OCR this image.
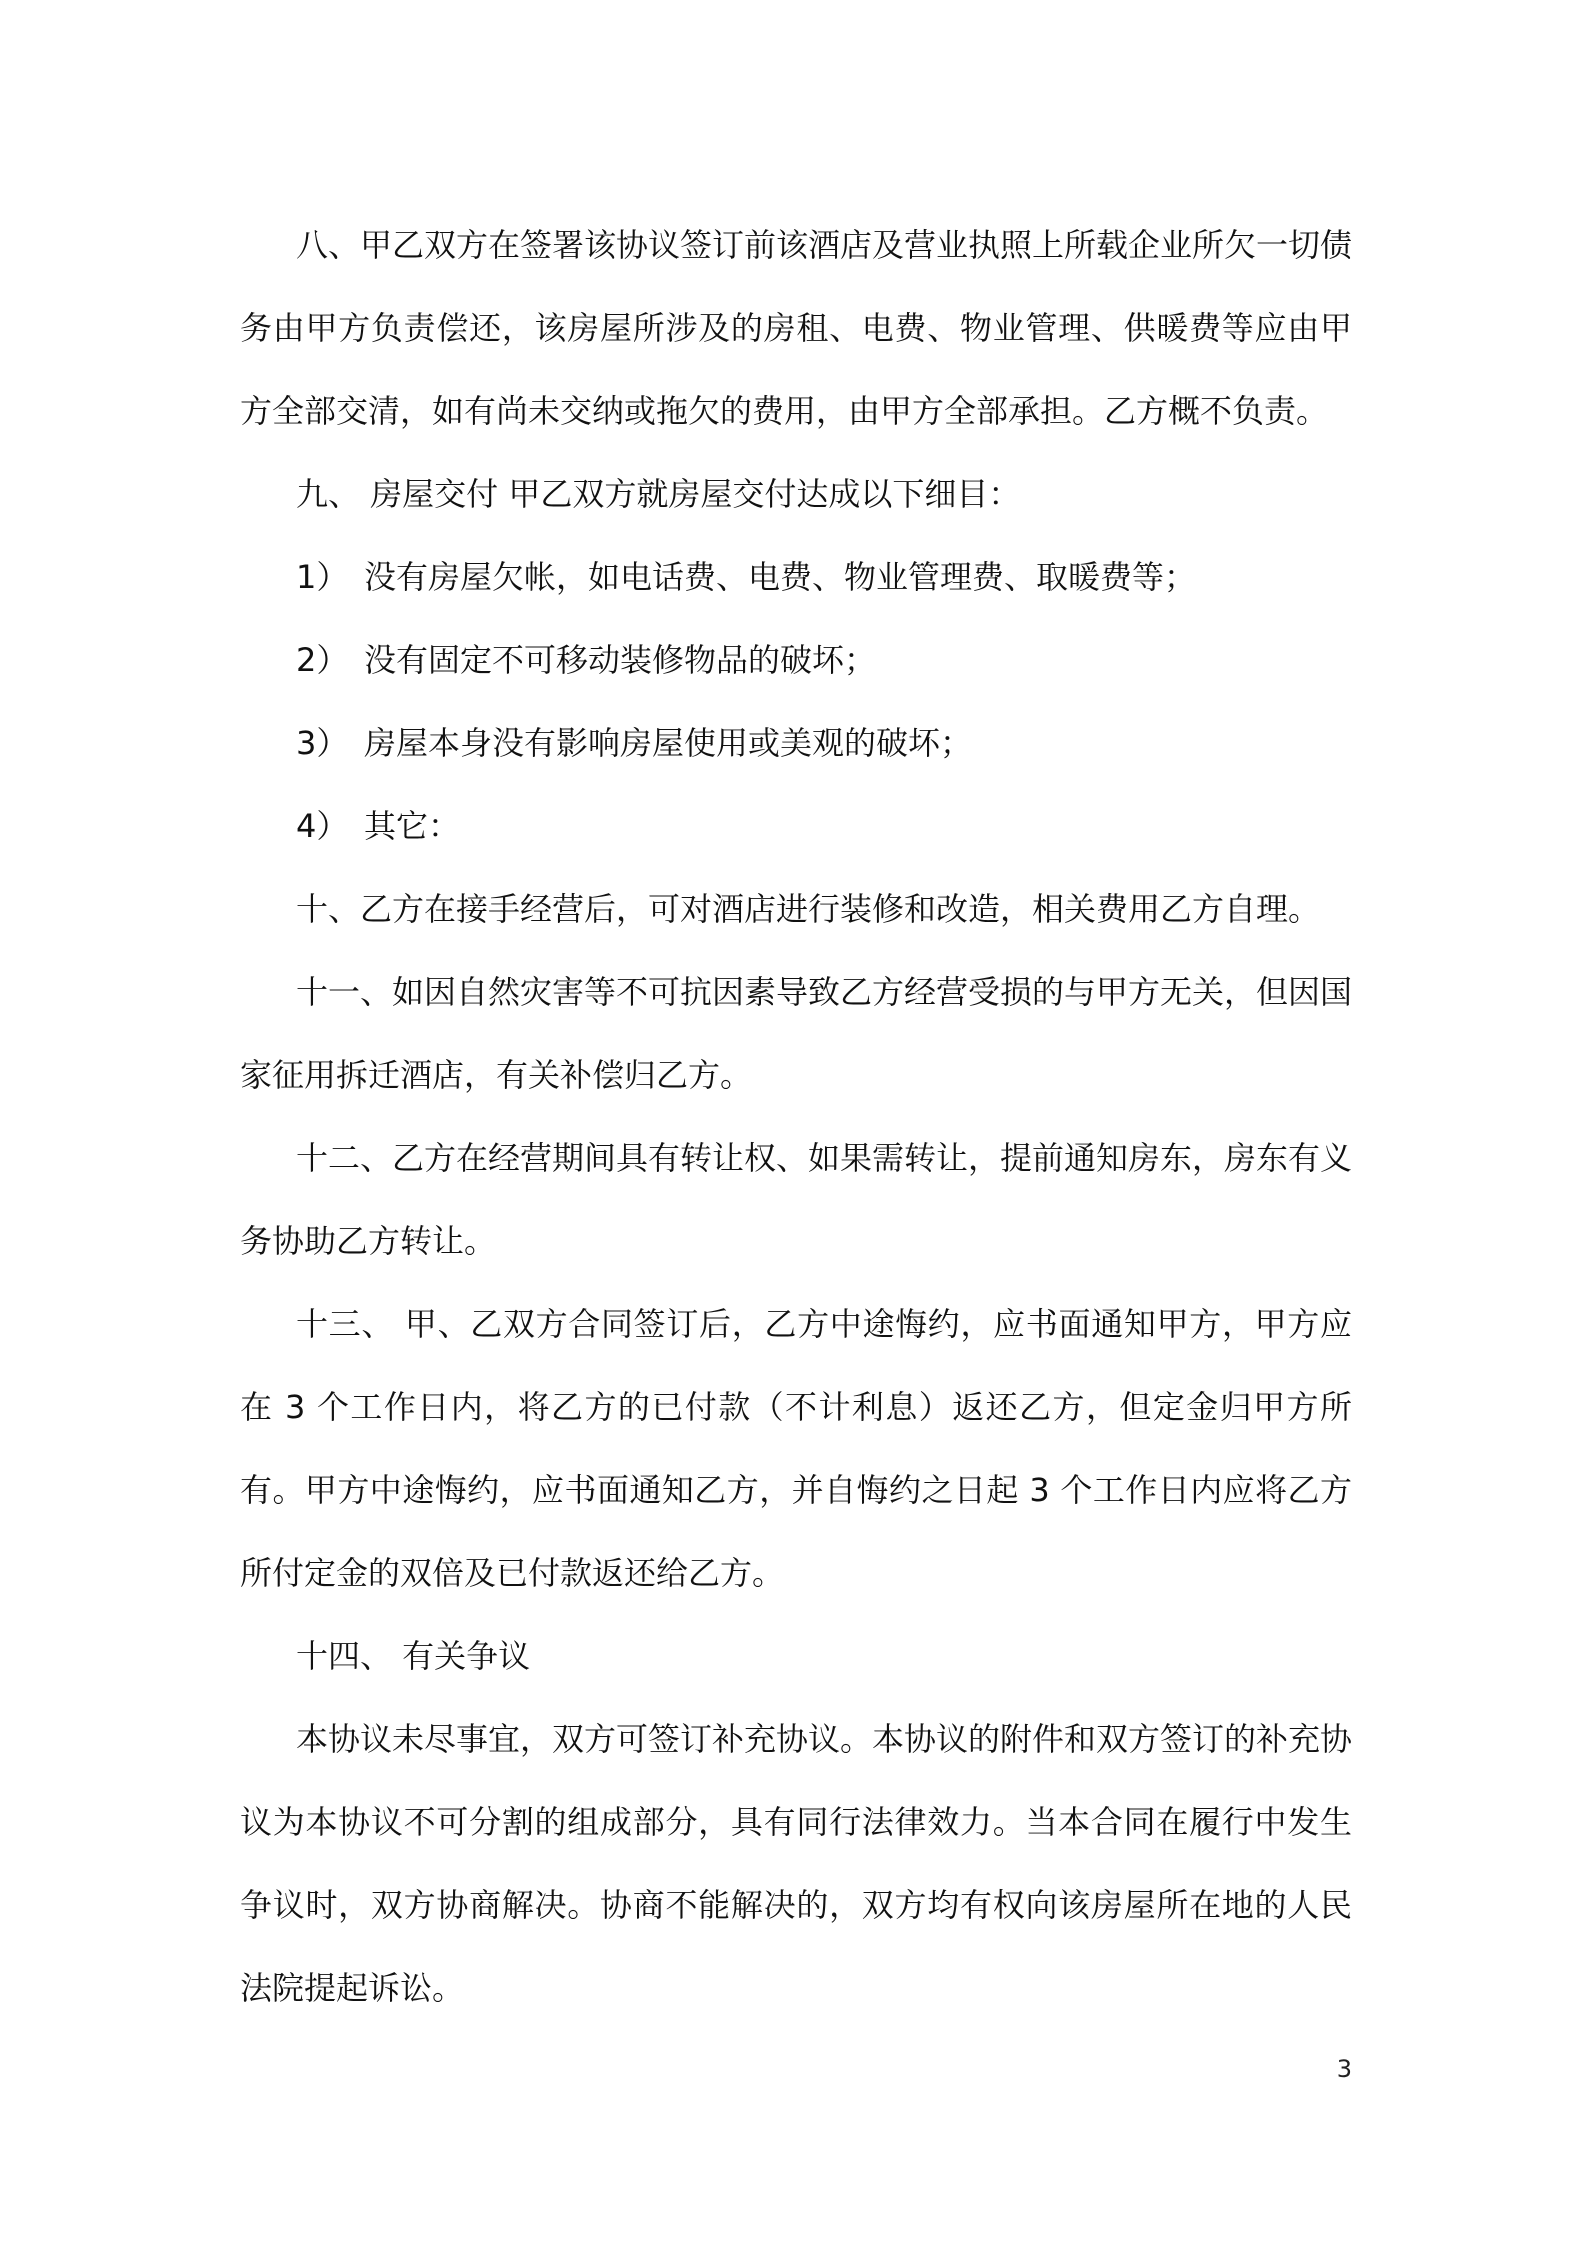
八、甲乙双方在签署该协议签订前该酒店及营业执照上所载企业所欠一切债务由甲方负责偿还，该房屋所涉及的房租、电费、物业管理、供暖费等应由甲方全部交清，如有尚未交纳或拖欠的费用，由甲方全部承担。乙方概不负责。

九、 房屋交付 甲乙双方就房屋交付达成以下细目：

1） 没有房屋欠帐，如电话费、电费、物业管理费、取暖费等；

2） 没有固定不可移动装修物品的破坏；

3） 房屋本身没有影响房屋使用或美观的破坏；

4） 其它：

十、乙方在接手经营后，可对酒店进行装修和改造，相关费用乙方自理。

十一、如因自然灾害等不可抗因素导致乙方经营受损的与甲方无关，但因国家征用拆迁酒店，有关补偿归乙方。

十二、乙方在经营期间具有转让权、如果需转让，提前通知房东，房东有义务协助乙方转让。

十三、 甲、乙双方合同签订后，乙方中途悔约，应书面通知甲方，甲方应在 3 个工作日内，将乙方的已付款（不计利息）返还乙方，但定金归甲方所有。甲方中途悔约，应书面通知乙方，并自悔约之日起 3 个工作日内应将乙方所付定金的双倍及已付款返还给乙方。

十四、 有关争议

本协议未尽事宜，双方可签订补充协议。本协议的附件和双方签订的补充协议为本协议不可分割的组成部分，具有同行法律效力。当本合同在履行中发生争议时，双方协商解决。协商不能解决的，双方均有权向该房屋所在地的人民法院提起诉讼。

3
